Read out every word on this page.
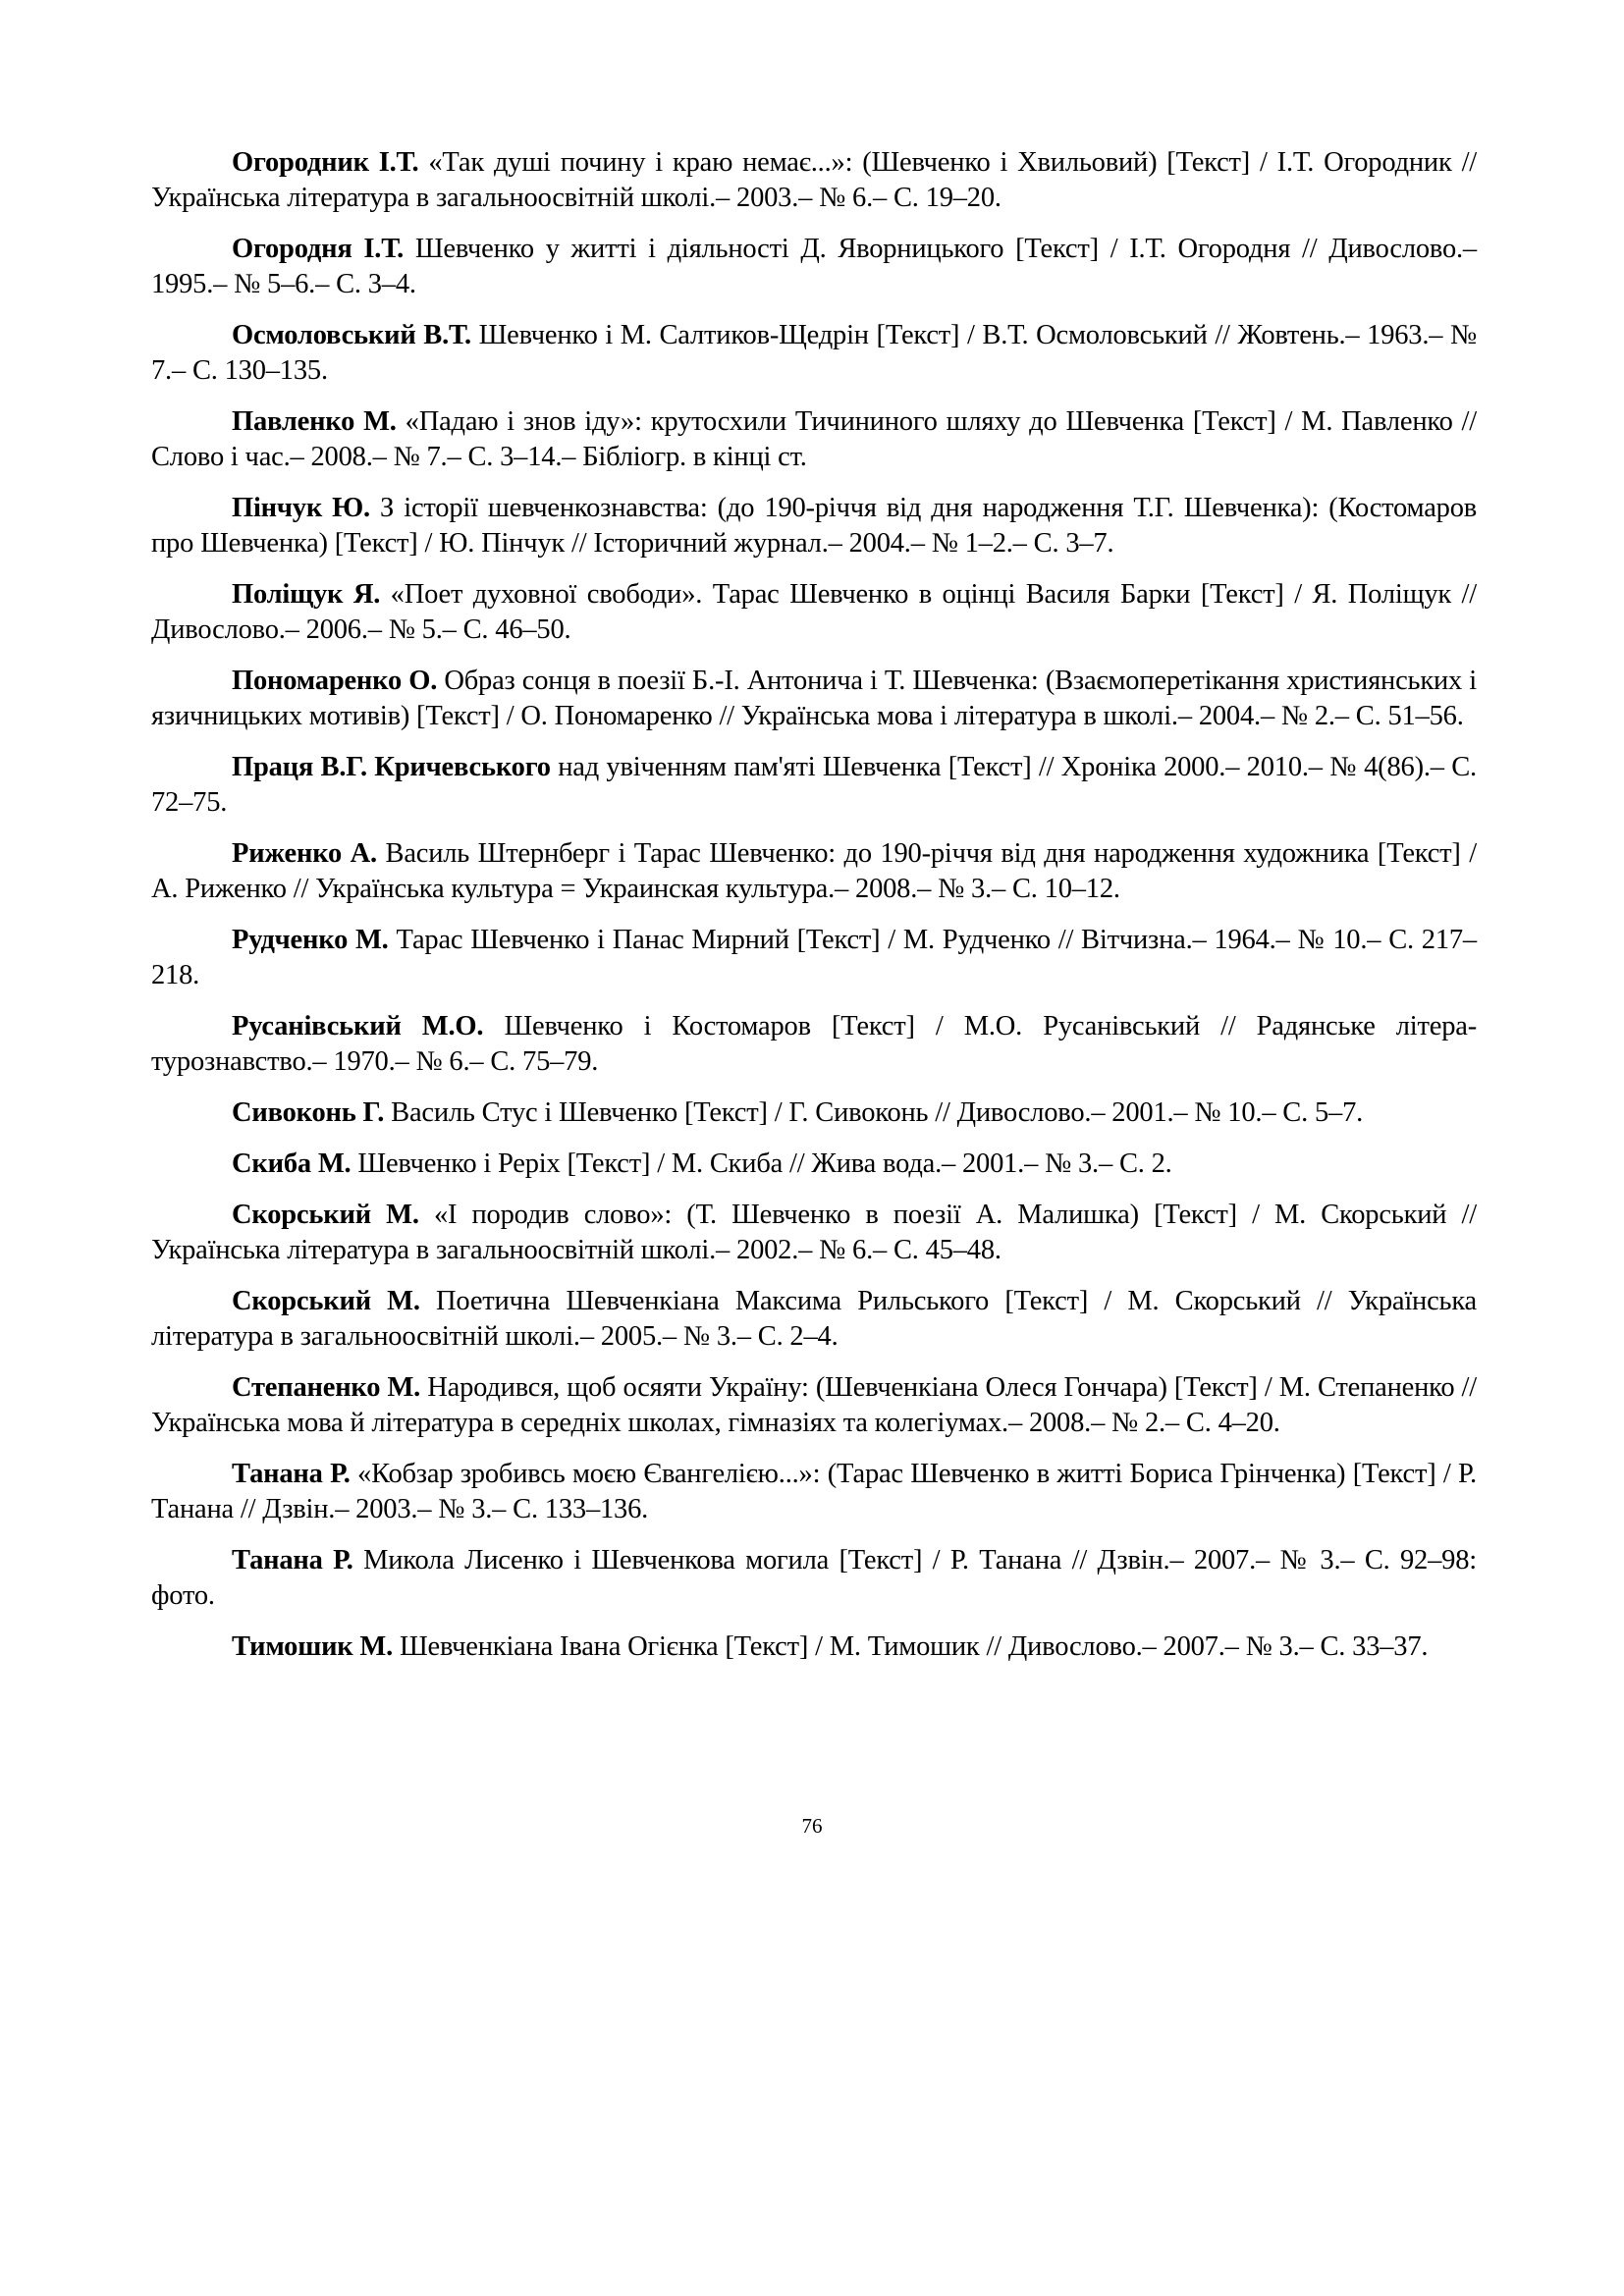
Огородник І.Т. «Так душі почину і краю немає...»: (Шевченко і Хвильовий) [Текст] / І.Т. Огородник // Українська література в загальноосвітній школі.– 2003.– № 6.– С. 19–20.

Огородня І.Т. Шевченко у житті і діяльності Д. Яворницького [Текст] / І.Т. Огородня // Дивослово.– 1995.– № 5–6.– С. 3–4.

Осмоловський В.Т. Шевченко і М. Салтиков-Щедрін [Текст] / В.Т. Осмоловський // Жовтень.– 1963.– № 7.– С. 130–135.

Павленко М. «Падаю і знов іду»: крутосхили Тичининого шляху до Шевченка [Текст] / М. Павленко // Слово і час.– 2008.– № 7.– С. 3–14.– Бібліогр. в кінці ст.

Пінчук Ю. З історії шевченкознавства: (до 190-річчя від дня народження Т.Г. Шевченка): (Костомаров про Шевченка) [Текст] / Ю. Пінчук // Історичний журнал.– 2004.– № 1–2.– С. 3–7.

Поліщук Я. «Поет духовної свободи». Тарас Шевченко в оцінці Василя Барки [Текст] / Я. Поліщук // Дивослово.– 2006.– № 5.– С. 46–50.

Пономаренко О. Образ сонця в поезії Б.-І. Антонича і Т. Шевченка: (Взаємоперетікання християнських і язичницьких мотивів) [Текст] / О. Пономаренко // Українська мова і література в школі.– 2004.– № 2.– С. 51–56.

Праця В.Г. Кричевського над увіченням пам'яті Шевченка [Текст] // Хроніка 2000.– 2010.– № 4(86).– С. 72–75.

Риженко А. Василь Штернберг і Тарас Шевченко: до 190-річчя від дня народження художника [Текст] / А. Риженко // Українська культура = Украинская культура.– 2008.– № 3.– С. 10–12.

Рудченко М. Тарас Шевченко і Панас Мирний [Текст] / М. Рудченко // Вітчизна.– 1964.– № 10.– С. 217–218.

Русанівський М.О. Шевченко і Костомаров [Текст] / М.О. Русанівський // Радянське літера-турознавство.– 1970.– № 6.– С. 75–79.

Сивоконь Г. Василь Стус і Шевченко [Текст] / Г. Сивоконь // Дивослово.– 2001.– № 10.– С. 5–7.

Скиба М. Шевченко і Реріх [Текст] / М. Скиба // Жива вода.– 2001.– № 3.– С. 2.

Скорський М. «І породив слово»: (Т. Шевченко в поезії А. Малишка) [Текст] / М. Скорський // Українська література в загальноосвітній школі.– 2002.– № 6.– С. 45–48.

Скорський М. Поетична Шевченкіана Максима Рильського [Текст] / М. Скорський // Українська література в загальноосвітній школі.– 2005.– № 3.– С. 2–4.

Степаненко М. Народився, щоб осяяти Україну: (Шевченкіана Олеся Гончара) [Текст] / М. Степаненко // Українська мова й література в середніх школах, гімназіях та колегіумах.– 2008.– № 2.– С. 4–20.

Танана Р. «Кобзар зробивсь моєю Євангелією...»: (Тарас Шевченко в житті Бориса Грінченка) [Текст] / Р. Танана // Дзвін.– 2003.– № 3.– С. 133–136.

Танана Р. Микола Лисенко і Шевченкова могила [Текст] / Р. Танана // Дзвін.– 2007.– № 3.– С. 92–98: фото.

Тимошик М. Шевченкіана Івана Огієнка [Текст] / М. Тимошик // Дивослово.– 2007.– № 3.– С. 33–37.

76
